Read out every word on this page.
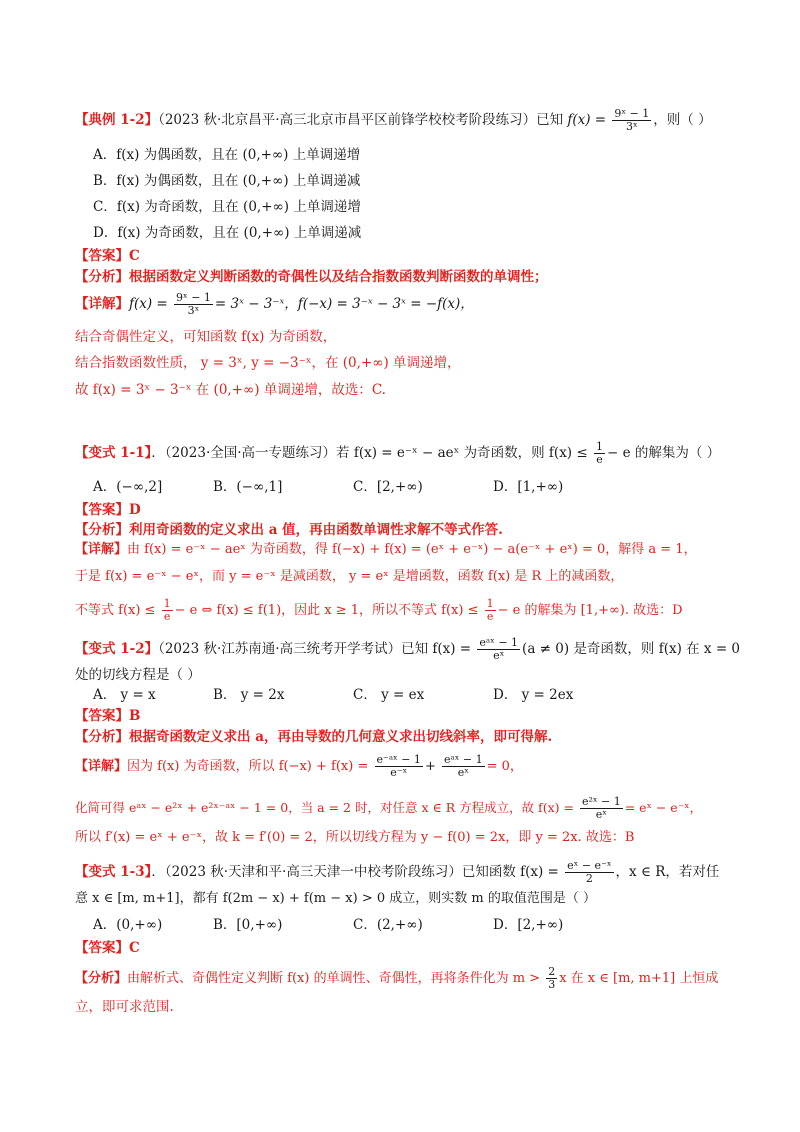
【典例 1-2】（2023 秋·北京昌平·高三北京市昌平区前锋学校校考阶段练习）已知 $f(x) = \frac{\text{9ˣ − 1}}{\text{3ˣ}}$ ，则（ ）
A．f(x) 为偶函数，且在 (0,+∞) 上单调递增
B．f(x) 为偶函数，且在 (0,+∞) 上单调递减
C．f(x) 为奇函数，且在 (0,+∞) 上单调递增
D．f(x) 为奇函数，且在 (0,+∞) 上单调递减
【答案】C
【分析】根据函数定义判断函数的奇偶性以及结合指数函数判断函数的单调性；
【详解】$f(x) = \frac{\text{9ˣ − 1}}{\text{3ˣ}}$ = 3ˣ − 3⁻ˣ，f(−x) = 3⁻ˣ − 3ˣ = −f(x)，
结合奇偶性定义，可知函数 f(x) 为奇函数，
结合指数函数性质， y = 3ˣ, y = −3⁻ˣ，在 (0,+∞) 单调递增，
故 f(x) = 3ˣ − 3⁻ˣ 在 (0,+∞) 单调递增，故选：C.
【变式 1-1】．（2023·全国·高一专题练习）若 f(x) = e⁻ˣ − aeˣ 为奇函数，则 $f(x) \le \frac{1}{e} - e$ 的解集为（ ）
A．(−∞,2]	B．(−∞,1]	C．[2,+∞)	D．[1,+∞)
【答案】D
【分析】利用奇函数的定义求出 a 值，再由函数单调性求解不等式作答.
【详解】由 f(x) = e⁻ˣ − aeˣ 为奇函数，得 f(−x) + f(x) = (eˣ + e⁻ˣ) − a(e⁻ˣ + eˣ) = 0，解得 a = 1，
于是 f(x) = e⁻ˣ − eˣ，而 y = e⁻ˣ 是减函数， y = eˣ 是增函数，函数 f(x) 是 R 上的减函数，
不等式 $f(x) \le \frac{1}{e} - e$ ⇔ f(x) ≤ f(1)，因此 x ≥ 1，所以不等式 $f(x) \le \frac{1}{e} - e$ 的解集为 [1,+∞). 故选：D
【变式 1-2】（2023 秋·江苏南通·高三统考开学考试）已知 $f(x) = \frac{\text{eᵃˣ − 1}}{\text{eˣ}} (a \ne 0)$ 是奇函数，则 f(x) 在 x = 0
处的切线方程是（ ）
A． y = x	B． y = 2x	C． y = ex	D． y = 2ex
【答案】B
【分析】根据奇函数定义求出 a，再由导数的几何意义求出切线斜率，即可得解.
【详解】因为 f(x) 为奇函数，所以 $f(-x) + f(x) = \frac{\text{e⁻ᵃˣ − 1}}{\text{e⁻ˣ}} + \frac{\text{eᵃˣ − 1}}{\text{eˣ}} = 0$，
化简可得 eᵃˣ − e²ˣ + e²ˣ⁻ᵃˣ − 1 = 0，当 a = 2 时，对任意 x ∈ R 方程成立，故 $f(x) = \frac{\text{e²ˣ − 1}}{\text{eˣ}}$ = eˣ − e⁻ˣ，
所以 f′(x) = eˣ + e⁻ˣ，故 k = f′(0) = 2，所以切线方程为 y − f(0) = 2x，即 y = 2x. 故选：B
【变式 1-3】．（2023 秋·天津和平·高三天津一中校考阶段练习）已知函数 $f(x) = \frac{\text{eˣ − e⁻ˣ}}{2}$ ，x ∈ R，若对任
意 x ∈ [m, m+1]，都有 f(2m − x) + f(m − x) > 0 成立，则实数 m 的取值范围是（ ）
A．(0,+∞)	B．[0,+∞)	C．(2,+∞)	D．[2,+∞)
【答案】C
【分析】由解析式、奇偶性定义判断 f(x) 的单调性、奇偶性，再将条件化为 $m > \frac{2}{3}$ x 在 x ∈ [m, m+1] 上恒成
立，即可求范围.
